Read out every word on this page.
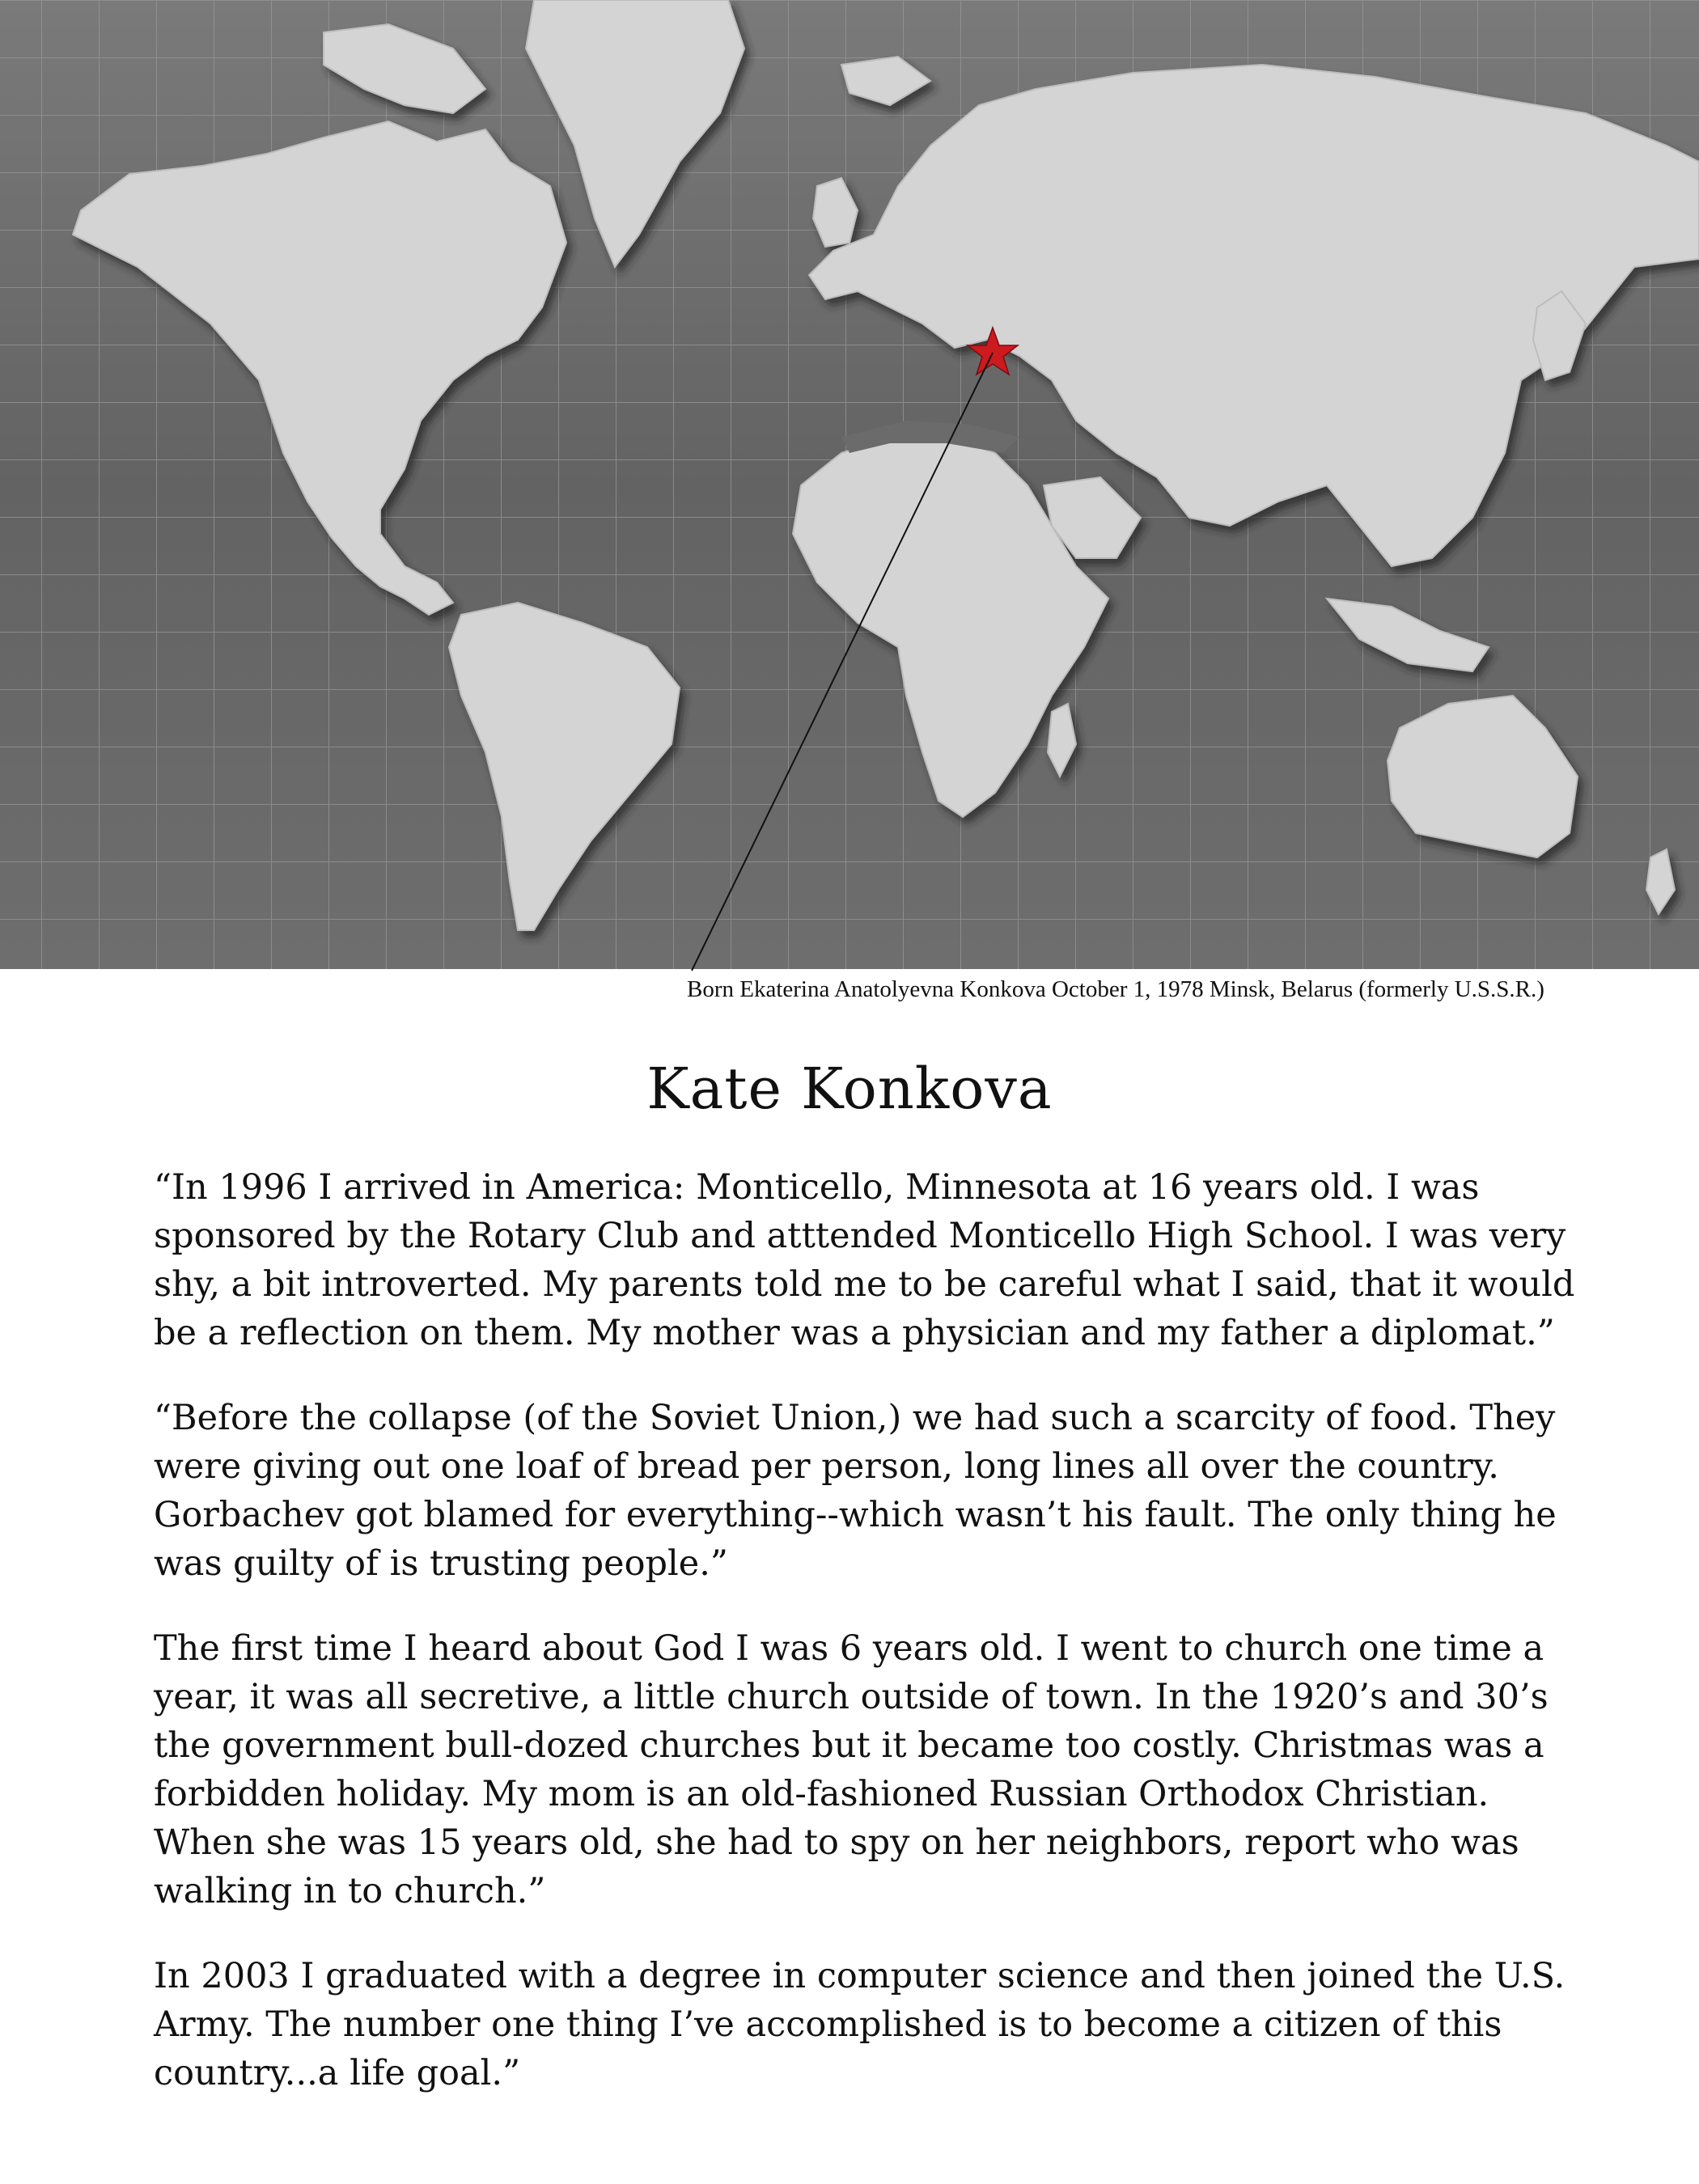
Born Ekaterina Anatolyevna Konkova October 1, 1978 Minsk, Belarus (formerly U.S.S.R.)
Kate Konkova

“In 1996 I arrived in America: Monticello, Minnesota at 16 years old. I was sponsored by the Rotary Club and atttended Monticello High School. I was very shy, a bit introverted. My parents told me to be careful what I said, that it would be a reflection on them. My mother was a physician and my father a diplomat.”

“Before the collapse (of the Soviet Union,) we had such a scarcity of food. They were giving out one loaf of bread per person, long lines all over the country. Gorbachev got blamed for everything--which wasn’t his fault. The only thing he was guilty of is trusting people.”

The first time I heard about God I was 6 years old. I went to church one time a year, it was all secretive, a little church outside of town. In the 1920’s and 30’s the government bull-dozed churches but it became too costly. Christmas was a forbidden holiday. My mom is an old-fashioned Russian Orthodox Christian. When she was 15 years old, she had to spy on her neighbors, report who was walking in to church.”

In 2003 I graduated with a degree in computer science and then joined the U.S. Army. The number one thing I’ve accomplished is to become a citizen of this country...a life goal.”
